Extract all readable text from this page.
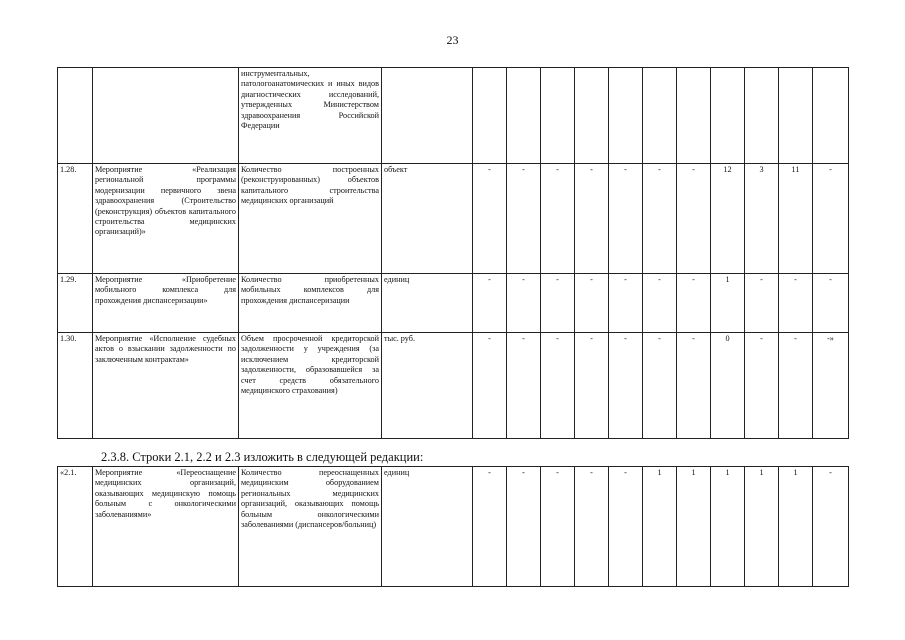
23
		инструментальных, патологоанатомических и иных видов диагностических исследований, утвержденных Министерством здравоохранения Российской Федерации												
1.28.	Мероприятие «Реализация региональной программы модернизации первичного звена здравоохранения (Строительство (реконструкция) объектов капитального строительства медицинских организаций)»	Количество построенных (реконструированных) объектов капитального строительства медицинских организаций	объект	-	-	-	-	-	-	-	12	3	11	-
1.29.	Мероприятие «Приобретение мобильного комплекса для прохождения диспансеризации»	Количество приобретенных мобильных комплексов для прохождения диспансеризации	единиц	-	-	-	-	-	-	-	1	-	-	-
1.30.	Мероприятие «Исполнение судебных актов о взыскании задолженности по заключенным контрактам»	Объем просроченной кредиторской задолженности у учреждения (за исключением кредиторской задолженности, образовавшейся за счет средств обязательного медицинского страхования)	тыс. руб.	-	-	-	-	-	-	-	0	-	-	-»
2.3.8. Строки 2.1, 2.2 и 2.3 изложить в следующей редакции:
«2.1.	Мероприятие «Переоснащение медицинских организаций, оказывающих медицинскую помощь больным с онкологическими заболеваниями»	Количество переоснащенных медицинским оборудованием региональных медицинских организаций, оказывающих помощь больным онкологическими заболеваниями (диспансеров/больниц)	единиц	-	-	-	-	-	1	1	1	1	1	-
